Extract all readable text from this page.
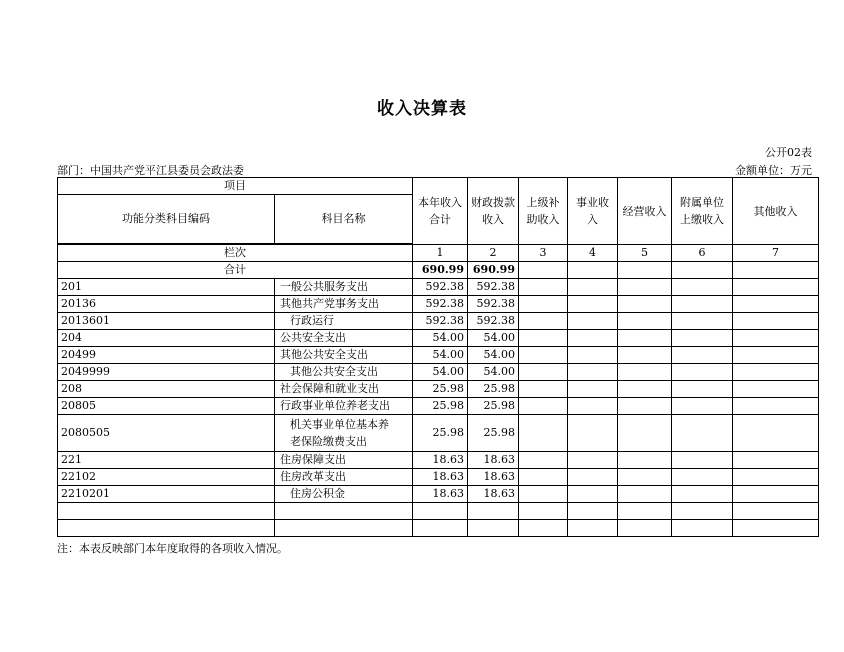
收入决算表
公开02表
部门：中国共产党平江县委员会政法委	金额单位：万元
项目		本年收入合计	财政拨款收入	上级补助收入	事业收入	经营收入	附属单位上缴收入	其他收入
功能分类科目编码	科目名称							

栏次		1	2	3	4	5	6	7
合计		690.99	690.99					
201	一般公共服务支出	592.38	592.38					
20136	其他共产党事务支出	592.38	592.38					
2013601	行政运行	592.38	592.38					
204	公共安全支出	54.00	54.00					
20499	其他公共安全支出	54.00	54.00					
2049999	其他公共安全支出	54.00	54.00					
208	社会保障和就业支出	25.98	25.98					
20805	行政事业单位养老支出	25.98	25.98					
2080505	机关事业单位基本养老保险缴费支出	25.98	25.98					
221	住房保障支出	18.63	18.63					
22102	住房改革支出	18.63	18.63					
2210201	住房公积金	18.63	18.63					

注：本表反映部门本年度取得的各项收入情况。
